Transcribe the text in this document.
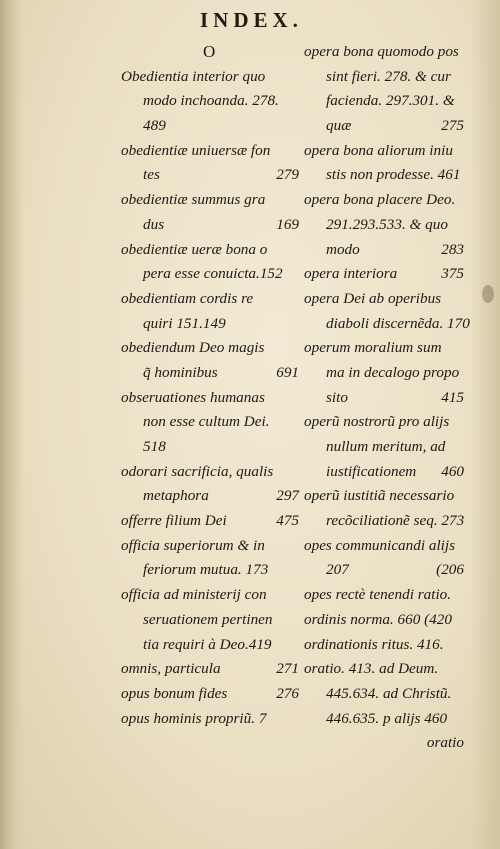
INDEX.
O
Obedientia interior quo
modo inchoanda. 278.
489
obedientiæ uniuersæ fon
tes	279
obedientiæ summus gra
dus	169
obedientiæ ueræ bona o
pera esse conuicta.152
obedientiam cordis re
quiri 151.149
obediendum Deo magis
q̃ hominibus	691
obseruationes humanas
non esse cultum Dei.
518
odorari sacrificia, qualis
metaphora	297
offerre filium Dei	475
officia superiorum & in
feriorum mutua. 173
officia ad ministerij con
seruationem pertinen
tia requiri à Deo.419
omnis, particula	271
opus bonum fides	276
opus hominis propriũ. 7
opera bona quomodo pos
sint fieri. 278. & cur
facienda. 297.301. &
quæ	275
opera bona aliorum iniu
stis non prodesse. 461
opera bona placere Deo.
291.293.533. & quo
modo	283
opera interiora	375
opera Dei ab operibus
diaboli discernẽda. 170
operum moralium sum
ma in decalogo propo
sito	415
operũ nostrorũ pro alijs
nullum meritum, ad
iustificationem 460
operũ iustitiã necessario
recõciliationẽ seq. 273
opes communicandi alijs
207	(206
opes rectè tenendi ratio.
ordinis norma. 660 (420
ordinationis ritus. 416.
oratio. 413. ad Deum.
445.634. ad Christũ.
446.635. p alijs 460
oratio
